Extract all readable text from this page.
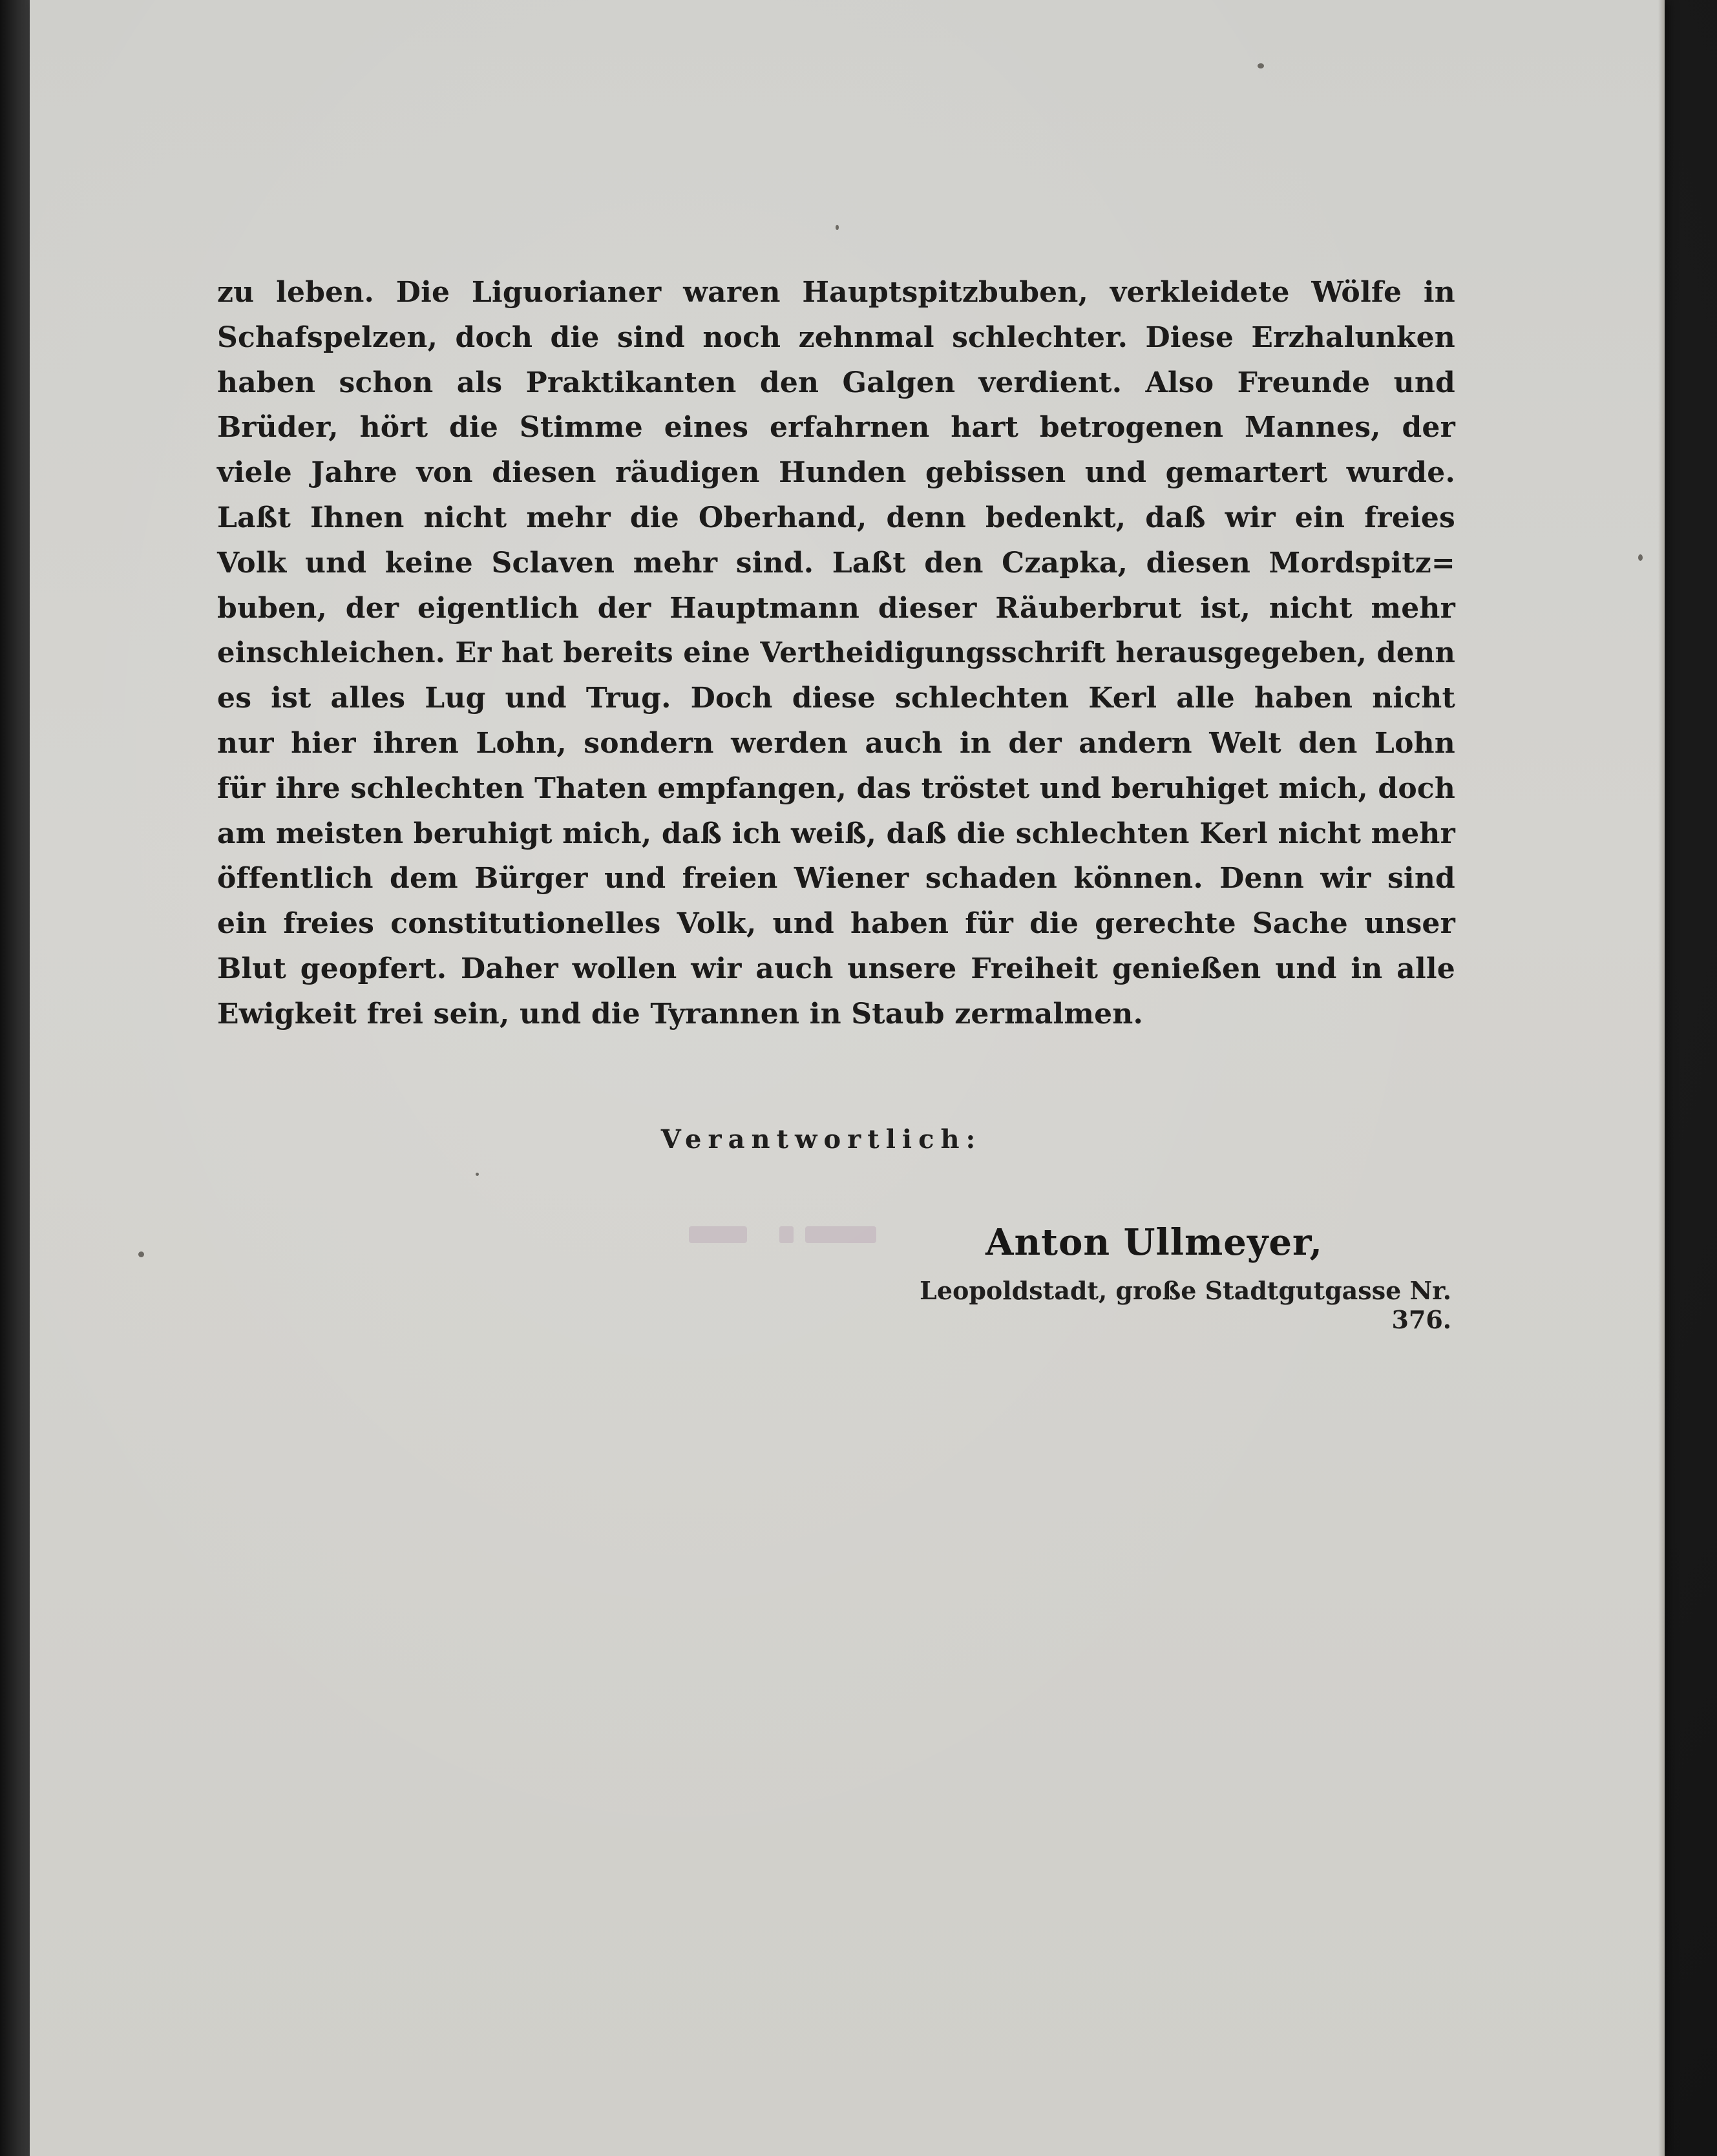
zu leben. Die Liguorianer waren Hauptspitzbuben, verkleidete Wölfe in
Schafspelzen, doch die sind noch zehnmal schlechter. Diese Erzhalunken
haben schon als Praktikanten den Galgen verdient. Also Freunde und
Brüder, hört die Stimme eines erfahrnen hart betrogenen Mannes, der
viele Jahre von diesen räudigen Hunden gebissen und gemartert wurde.
Laßt Ihnen nicht mehr die Oberhand, denn bedenkt, daß wir ein freies
Volk und keine Sclaven mehr sind. Laßt den Czapka, diesen Mordspitz=
buben, der eigentlich der Hauptmann dieser Räuberbrut ist, nicht mehr
einschleichen. Er hat bereits eine Vertheidigungsschrift herausgegeben, denn
es ist alles Lug und Trug. Doch diese schlechten Kerl alle haben nicht
nur hier ihren Lohn, sondern werden auch in der andern Welt den Lohn
für ihre schlechten Thaten empfangen, das tröstet und beruhiget mich, doch
am meisten beruhigt mich, daß ich weiß, daß die schlechten Kerl nicht mehr
öffentlich dem Bürger und freien Wiener schaden können. Denn wir sind
ein freies constitutionelles Volk, und haben für die gerechte Sache unser
Blut geopfert. Daher wollen wir auch unsere Freiheit genießen und in alle
Ewigkeit frei sein, und die Tyrannen in Staub zermalmen.
Verantwortlich:
Anton Ullmeyer,
Leopoldstadt, große Stadtgutgasse Nr. 376.
